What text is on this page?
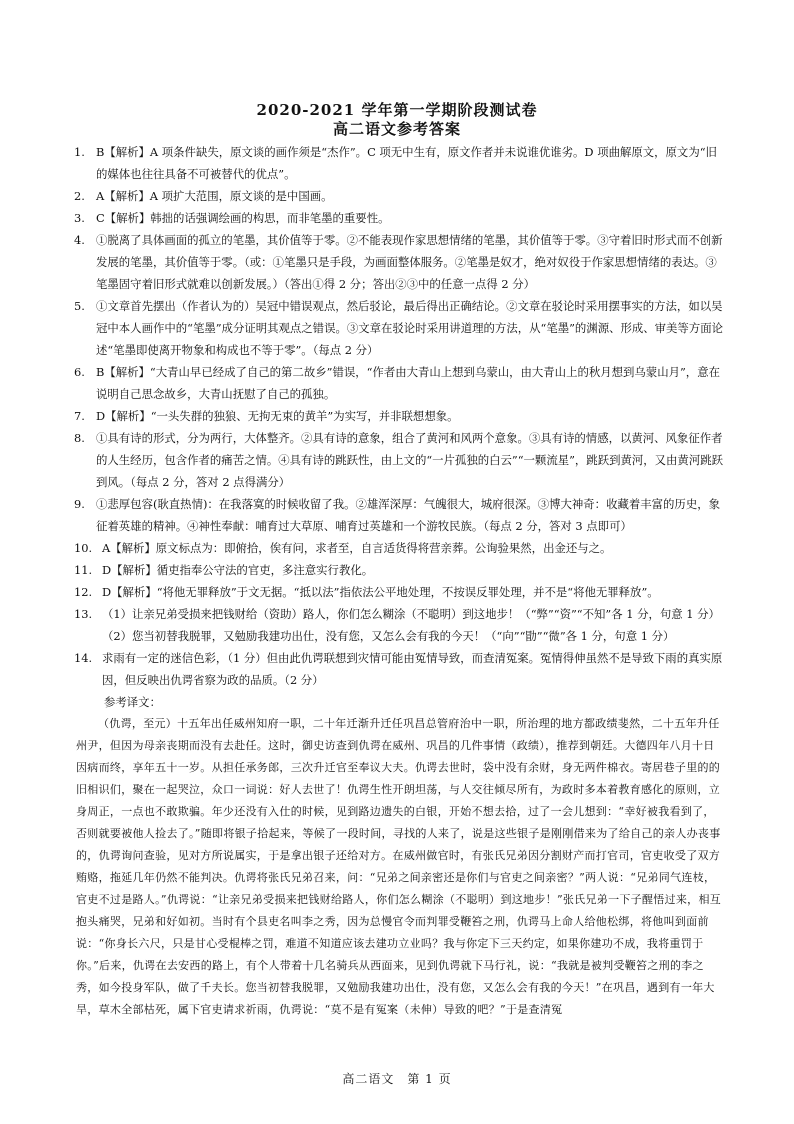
2020-2021 学年第一学期阶段测试卷
高二语文参考答案

1. B【解析】A 项条件缺失，原文谈的画作须是“杰作”。C 项无中生有，原文作者并未说谁优谁劣。D 项曲解原文，原文为“旧的媒体也往往具备不可被替代的优点”。

2. A【解析】A 项扩大范围，原文谈的是中国画。

3. C【解析】韩拙的话强调绘画的构思，而非笔墨的重要性。

4. ①脱离了具体画面的孤立的笔墨，其价值等于零。②不能表现作家思想情绪的笔墨，其价值等于零。③守着旧时形式而不创新发展的笔墨，其价值等于零。（或：①笔墨只是手段，为画面整体服务。②笔墨是奴才，绝对奴役于作家思想情绪的表达。③笔墨固守着旧形式就难以创新发展。）（答出①得 2 分；答出②③中的任意一点得 2 分）

5. ①文章首先摆出（作者认为的）吴冠中错误观点，然后驳论，最后得出正确结论。②文章在驳论时采用摆事实的方法，如以吴冠中本人画作中的“笔墨”成分证明其观点之错误。③文章在驳论时采用讲道理的方法，从“笔墨”的渊源、形成、审美等方面论述“笔墨即使离开物象和构成也不等于零”。（每点 2 分）

6. B【解析】“大青山早已经成了自己的第二故乡”错误，“作者由大青山上想到乌蒙山，由大青山上的秋月想到乌蒙山月”，意在说明自己思念故乡，大青山抚慰了自己的孤独。

7. D【解析】“一头失群的独狼、无拘无束的黄羊”为实写，并非联想想象。

8. ①具有诗的形式，分为两行，大体整齐。②具有诗的意象，组合了黄河和风两个意象。③具有诗的情感，以黄河、风象征作者的人生经历，包含作者的痛苦之情。④具有诗的跳跃性，由上文的“一片孤独的白云”“一颗流星”，跳跃到黄河，又由黄河跳跃到风。（每点 2 分，答对 2 点得满分）

9. ①悲厚包容(耿直热情)：在我落寞的时候收留了我。②雄浑深厚：气魄很大，城府很深。③博大神奇：收藏着丰富的历史，象征着英雄的精神。④神性奉献：哺育过大草原、哺育过英雄和一个游牧民族。（每点 2 分，答对 3 点即可）

10. A【解析】原文标点为：即俯拾，俟有问，求者至，自言适货得将营亲葬。公询验果然，出金还与之。

11. D【解析】循吏指奉公守法的官吏，多注意实行教化。

12. D【解析】“将他无罪释放”于文无据。“抵以法”指依法公平地处理，不按误反罪处理，并不是“将他无罪释放”。

13. （1）让亲兄弟受损来把钱财给（资助）路人，你们怎么糊涂（不聪明）到这地步！（“弊”“资”“不知”各 1 分，句意 1 分）

（2）您当初替我脱罪，又勉励我建功出仕，没有您，又怎么会有我的今天！（“向”“勖”“微”各 1 分，句意 1 分）

14. 求雨有一定的迷信色彩，（1 分）但由此仇谔联想到灾情可能由冤情导致，而查清冤案。冤情得伸虽然不是导致下雨的真实原因，但反映出仇谔省察为政的品质。（2 分）

参考译文：

（仇谔，至元）十五年出任威州知府一职，二十年迁渐升迁任巩昌总管府治中一职，所治理的地方都政绩斐然，二十五年升任州尹，但因为母亲丧期而没有去赴任。这时，御史访查到仇谔在威州、巩昌的几件事情（政绩），推荐到朝廷。大德四年八月十日因病而终，享年五十一岁。从担任承务郎，三次升迁官至奉议大夫。仇谔去世时，袋中没有余财，身无两件棉衣。寄居巷子里的的旧相识们，聚在一起哭泣，众口一词说：好人去世了！仇谔生性开朗坦荡，与人交往倾尽所有，为政时多本着教育感化的原则，立身周正，一点也不敢欺骗。年少还没有入仕的时候，见到路边遗失的白银，开始不想去拾，过了一会儿想到：“幸好被我看到了，否则就要被他人捡去了。”随即将银子拾起来，等候了一段时间，寻找的人来了，说是这些银子是刚刚借来为了给自己的亲人办丧事的，仇谔询问查验，见对方所说属实，于是拿出银子还给对方。在威州做官时，有张氏兄弟因分割财产而打官司，官吏收受了双方贿赂，拖延几年仍然不能判决。仇谔将张氏兄弟召来，问：“兄弟之间亲密还是你们与官吏之间亲密？”两人说：“兄弟同气连枝，官吏不过是路人。”仇谔说：“让亲兄弟受损来把钱财给路人，你们怎么糊涂（不聪明）到这地步！”张氏兄弟一下子醒悟过来，相互抱头痛哭，兄弟和好如初。当时有个县吏名叫李之秀，因为总慢官令而判罪受鞭笞之刑，仇谔马上命人给他松绑，将他叫到面前说：“你身长六尺，只是甘心受棍棒之罚，难道不知道应该去建功立业吗？我与你定下三天约定，如果你建功不成，我将重罚于你。”后来，仇谔在去安西的路上，有个人带着十几名骑兵从西面来，见到仇谔就下马行礼，说：“我就是被判受鞭笞之刑的李之秀，如今投身军队，做了千夫长。您当初替我脱罪，又勉励我建功出仕，没有您，又怎么会有我的今天！”在巩昌，遇到有一年大旱，草木全部枯死，属下官吏请求祈雨，仇谔说：“莫不是有冤案（未伸）导致的吧？”于是查清冤

高二语文　第 1 页
